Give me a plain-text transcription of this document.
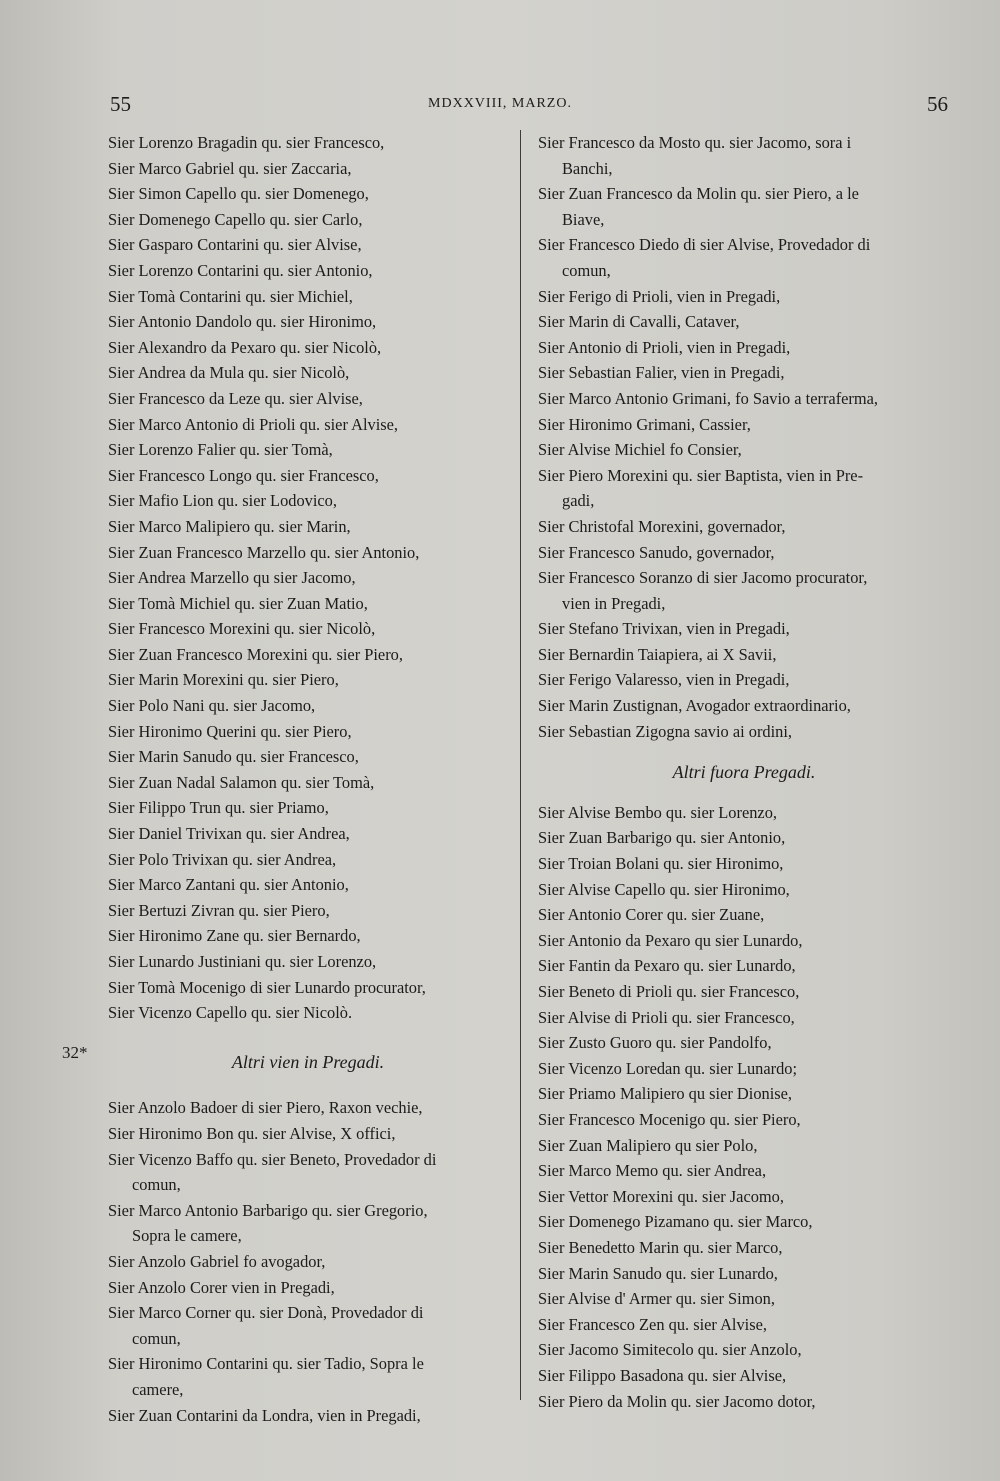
55	MDXXVIII, MARZO.	56
32*
Sier Lorenzo Bragadin qu. sier Francesco,
Sier Marco Gabriel qu. sier Zaccaria,
Sier Simon Capello qu. sier Domenego,
Sier Domenego Capello qu. sier Carlo,
Sier Gasparo Contarini qu. sier Alvise,
Sier Lorenzo Contarini qu. sier Antonio,
Sier Tomà Contarini qu. sier Michiel,
Sier Antonio Dandolo qu. sier Hironimo,
Sier Alexandro da Pexaro qu. sier Nicolò,
Sier Andrea da Mula qu. sier Nicolò,
Sier Francesco da Leze qu. sier Alvise,
Sier Marco Antonio di Prioli qu. sier Alvise,
Sier Lorenzo Falier qu. sier Tomà,
Sier Francesco Longo qu. sier Francesco,
Sier Mafio Lion qu. sier Lodovico,
Sier Marco Malipiero qu. sier Marin,
Sier Zuan Francesco Marzello qu. sier Antonio,
Sier Andrea Marzello qu sier Jacomo,
Sier Tomà Michiel qu. sier Zuan Matio,
Sier Francesco Morexini qu. sier Nicolò,
Sier Zuan Francesco Morexini qu. sier Piero,
Sier Marin Morexini qu. sier Piero,
Sier Polo Nani qu. sier Jacomo,
Sier Hironimo Querini qu. sier Piero,
Sier Marin Sanudo qu. sier Francesco,
Sier Zuan Nadal Salamon qu. sier Tomà,
Sier Filippo Trun qu. sier Priamo,
Sier Daniel Trivixan qu. sier Andrea,
Sier Polo Trivixan qu. sier Andrea,
Sier Marco Zantani qu. sier Antonio,
Sier Bertuzi Zivran qu. sier Piero,
Sier Hironimo Zane qu. sier Bernardo,
Sier Lunardo Justiniani qu. sier Lorenzo,
Sier Tomà Mocenigo di sier Lunardo procurator,
Sier Vicenzo Capello qu. sier Nicolò.
Altri vien in Pregadi.
Sier Anzolo Badoer di sier Piero, Raxon vechie,
Sier Hironimo Bon qu. sier Alvise, X offici,
Sier Vicenzo Baffo qu. sier Beneto, Provedador di
comun,
Sier Marco Antonio Barbarigo qu. sier Gregorio,
Sopra le camere,
Sier Anzolo Gabriel fo avogador,
Sier Anzolo Corer vien in Pregadi,
Sier Marco Corner qu. sier Donà, Provedador di
comun,
Sier Hironimo Contarini qu. sier Tadio, Sopra le
camere,
Sier Zuan Contarini da Londra, vien in Pregadi,
Sier Francesco da Mosto qu. sier Jacomo, sora i
Banchi,
Sier Zuan Francesco da Molin qu. sier Piero, a le
Biave,
Sier Francesco Diedo di sier Alvise, Provedador di
comun,
Sier Ferigo di Prioli, vien in Pregadi,
Sier Marin di Cavalli, Cataver,
Sier Antonio di Prioli, vien in Pregadi,
Sier Sebastian Falier, vien in Pregadi,
Sier Marco Antonio Grimani, fo Savio a terraferma,
Sier Hironimo Grimani, Cassier,
Sier Alvise Michiel fo Consier,
Sier Piero Morexini qu. sier Baptista, vien in Pre-
gadi,
Sier Christofal Morexini, governador,
Sier Francesco Sanudo, governador,
Sier Francesco Soranzo di sier Jacomo procurator,
vien in Pregadi,
Sier Stefano Trivixan, vien in Pregadi,
Sier Bernardin Taiapiera, ai X Savii,
Sier Ferigo Valaresso, vien in Pregadi,
Sier Marin Zustignan, Avogador extraordinario,
Sier Sebastian Zigogna savio ai ordini,
Altri fuora Pregadi.
Sier Alvise Bembo qu. sier Lorenzo,
Sier Zuan Barbarigo qu. sier Antonio,
Sier Troian Bolani qu. sier Hironimo,
Sier Alvise Capello qu. sier Hironimo,
Sier Antonio Corer qu. sier Zuane,
Sier Antonio da Pexaro qu sier Lunardo,
Sier Fantin da Pexaro qu. sier Lunardo,
Sier Beneto di Prioli qu. sier Francesco,
Sier Alvise di Prioli qu. sier Francesco,
Sier Zusto Guoro qu. sier Pandolfo,
Sier Vicenzo Loredan qu. sier Lunardo;
Sier Priamo Malipiero qu sier Dionise,
Sier Francesco Mocenigo qu. sier Piero,
Sier Zuan Malipiero qu sier Polo,
Sier Marco Memo qu. sier Andrea,
Sier Vettor Morexini qu. sier Jacomo,
Sier Domenego Pizamano qu. sier Marco,
Sier Benedetto Marin qu. sier Marco,
Sier Marin Sanudo qu. sier Lunardo,
Sier Alvise d' Armer qu. sier Simon,
Sier Francesco Zen qu. sier Alvise,
Sier Jacomo Simitecolo qu. sier Anzolo,
Sier Filippo Basadona qu. sier Alvise,
Sier Piero da Molin qu. sier Jacomo dotor,
